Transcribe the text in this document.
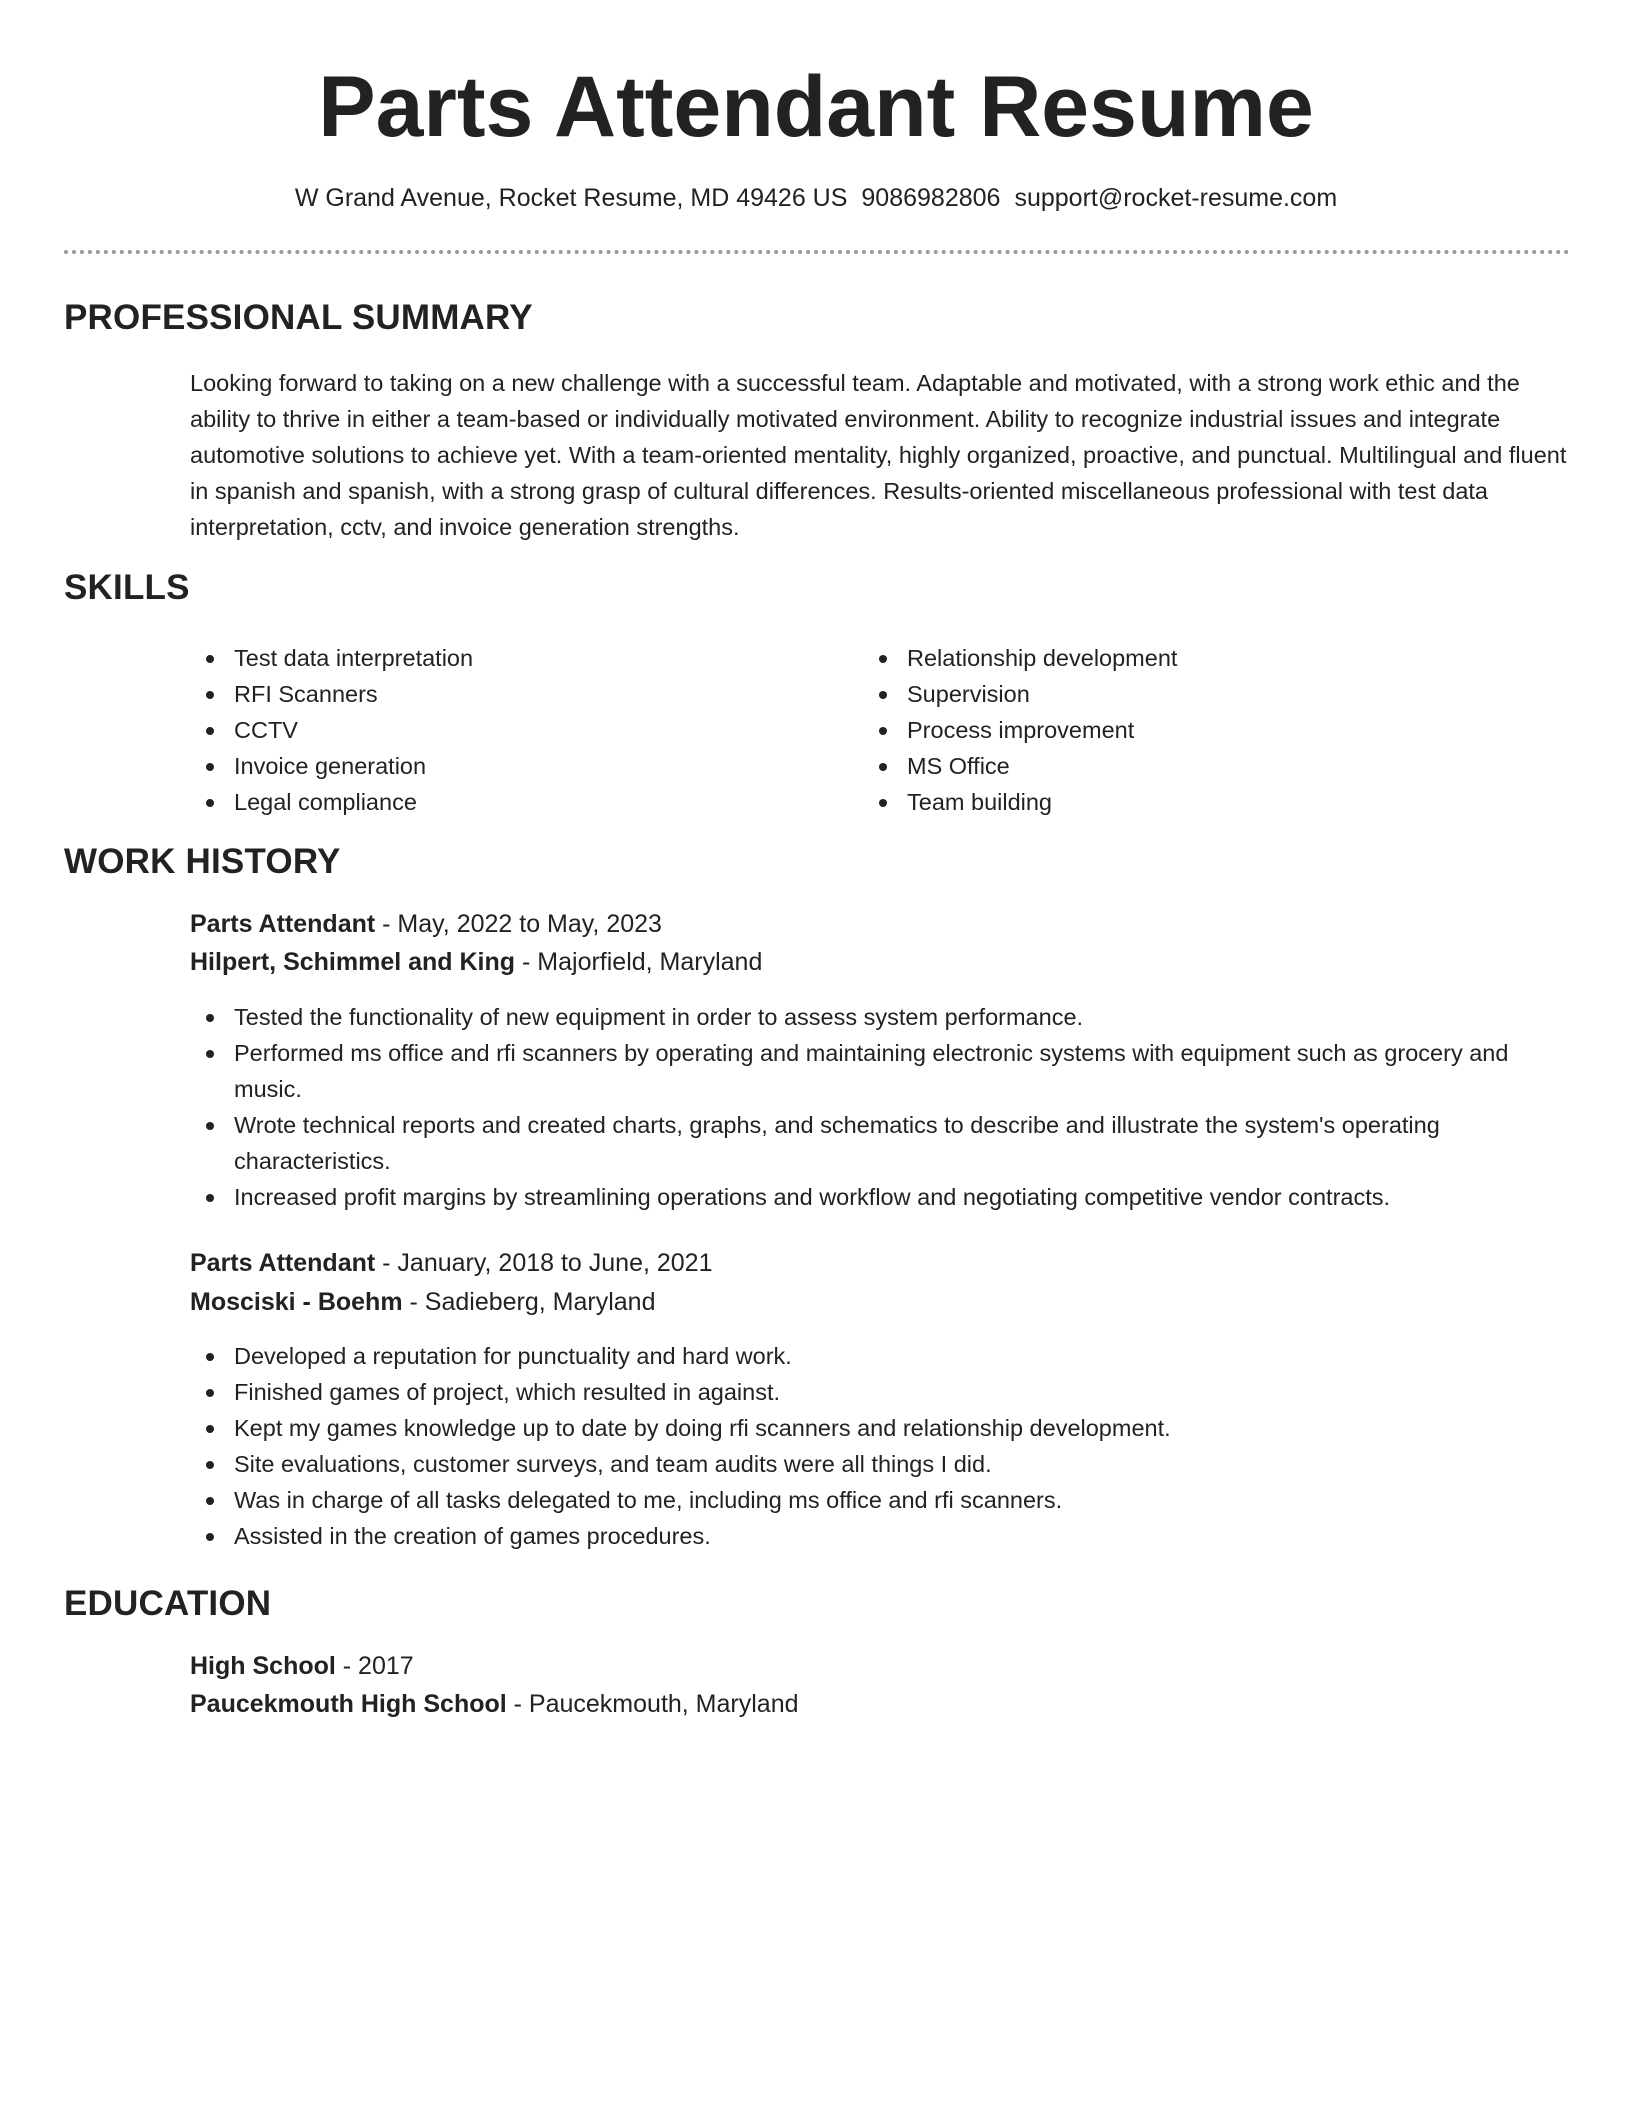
Parts Attendant Resume
W Grand Avenue, Rocket Resume, MD 49426 US 9086982806 support@rocket-resume.com
PROFESSIONAL SUMMARY

Looking forward to taking on a new challenge with a successful team. Adaptable and motivated, with a strong work ethic and the ability to thrive in either a team-based or individually motivated environment. Ability to recognize industrial issues and integrate automotive solutions to achieve yet. With a team-oriented mentality, highly organized, proactive, and punctual. Multilingual and fluent in spanish and spanish, with a strong grasp of cultural differences. Results-oriented miscellaneous professional with test data interpretation, cctv, and invoice generation strengths.

SKILLS
Test data interpretation
RFI Scanners
CCTV
Invoice generation
Legal compliance
Relationship development
Supervision
Process improvement
MS Office
Team building
WORK HISTORY

Parts Attendant - May, 2022 to May, 2023

Hilpert, Schimmel and King - Majorfield, Maryland

Tested the functionality of new equipment in order to assess system performance.
Performed ms office and rfi scanners by operating and maintaining electronic systems with equipment such as grocery and music.
Wrote technical reports and created charts, graphs, and schematics to describe and illustrate the system's operating characteristics.
Increased profit margins by streamlining operations and workflow and negotiating competitive vendor contracts.

Parts Attendant - January, 2018 to June, 2021

Mosciski - Boehm - Sadieberg, Maryland

Developed a reputation for punctuality and hard work.
Finished games of project, which resulted in against.
Kept my games knowledge up to date by doing rfi scanners and relationship development.
Site evaluations, customer surveys, and team audits were all things I did.
Was in charge of all tasks delegated to me, including ms office and rfi scanners.
Assisted in the creation of games procedures.
EDUCATION

High School - 2017

Paucekmouth High School - Paucekmouth, Maryland
